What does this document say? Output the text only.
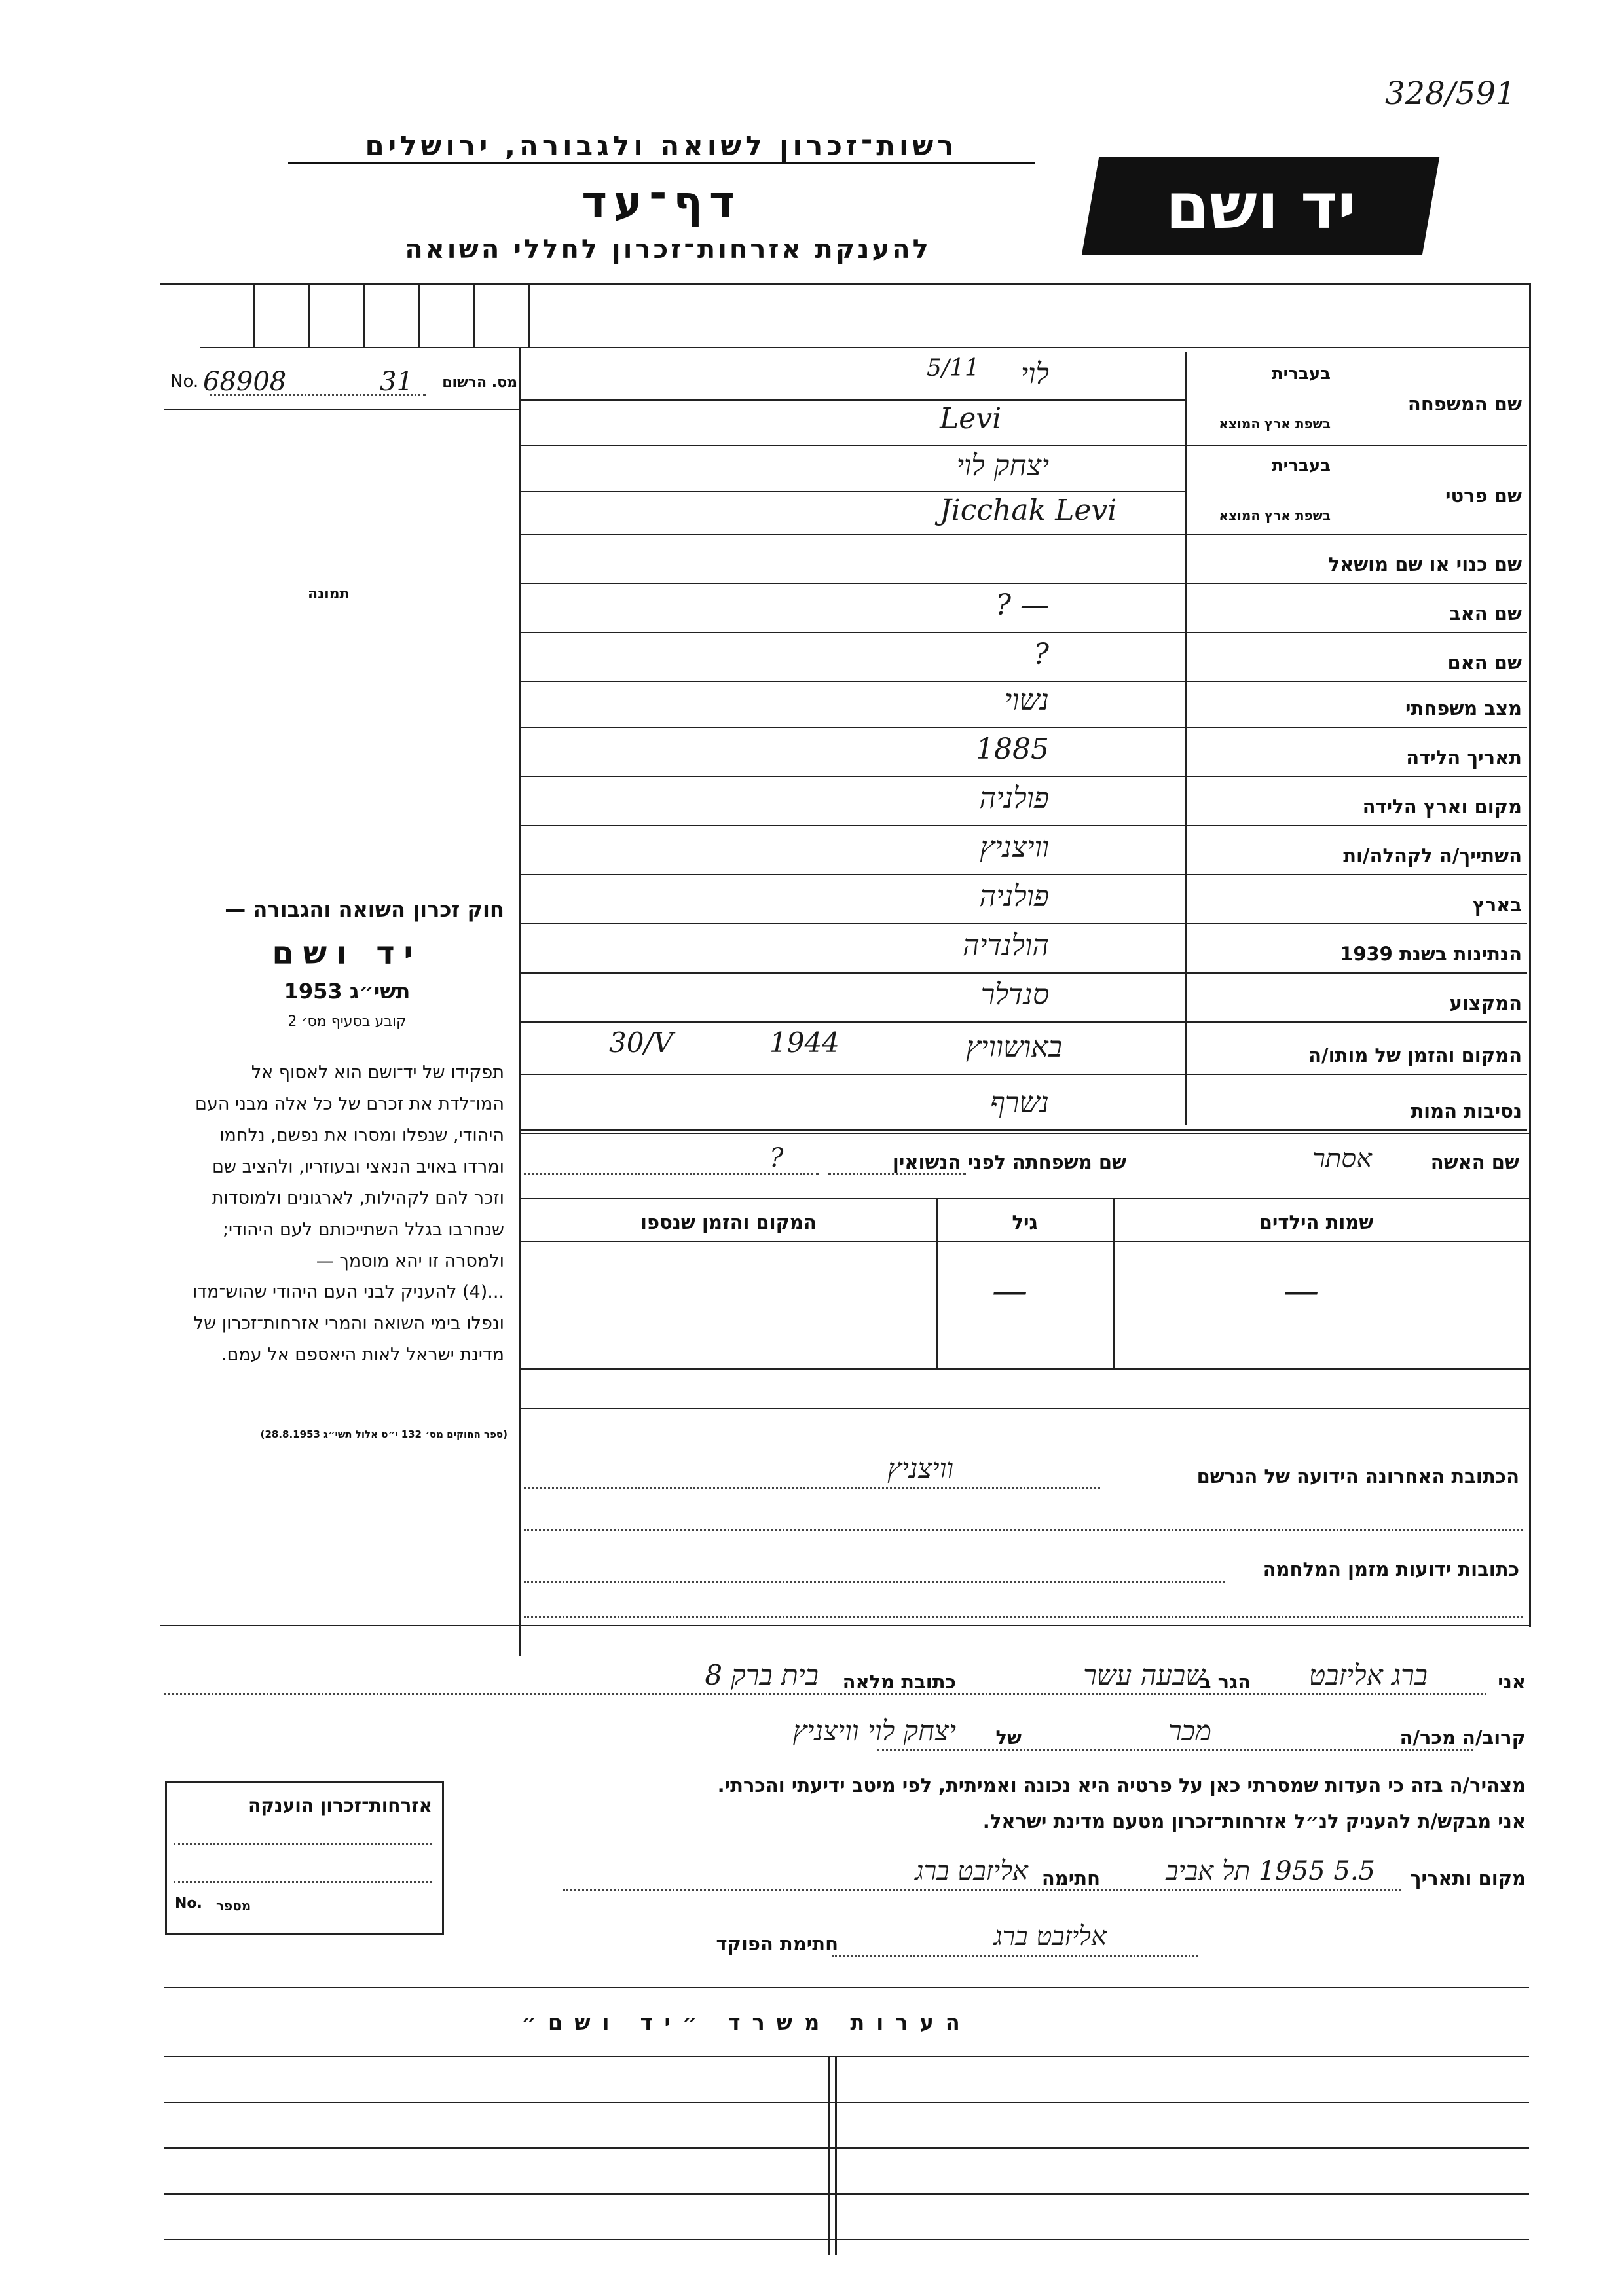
328/591
יד ושם
רשות־זכרון לשואה ולגבורה, ירושלים
דף־עד
להענקת אזרחות־זכרון לחללי השואה
No. 68908	31 מס. הרשום
תמונה
שם המשפחה
בעברית
בשפת ארץ המוצא
לוי
Levi
5/11
שם פרטי
בעברית
בשפת ארץ המוצא
יצחק לוי
Jicchak Levi
שם כנוי או שם מושאל
שם האב
— ?
שם האם
?
מצב משפחתי
נשוי
תאריך הלידה
1885
מקום וארץ הלידה
פולניה
השתייך/ה לקהלה/ות
וויצניץ
בארץ
פולניה
הנתינות בשנת 1939
הולנדיה
המקצוע
סנדלר
המקום והזמן של מותו/ה
באושוויץ
1944
30/V
נסיבות המות
נשרף
חוק זכרון השואה והגבורה —
יד ושם
תשי״ג 1953
קובע בסעיף מס׳ 2
תפקידו של יד־ושם הוא לאסוף אל המו־לדת את זכרם של כל אלה מבני העם היהודי, שנפלו ומסרו את נפשם, נלחמו ומרדו באויב הנאצי ובעוזריו, ולהציב שם וזכר להם לקהילות, לארגונים ולמוסדות שנחרבו בגלל השתייכותם לעם היהודי; ולמסרה זו יהא מוסמך —
...(4) להעניק לבני העם היהודי שהוש־מדו ונפלו בימי השואה והמרי אזרחות־זכרון של מדינת ישראל לאות היאספם אל עמם.
(ספר החוקים מס׳ 132 י״ט אלול תשי״ג 28.8.1953)
שם האשה
אסתר
שם משפחתה לפני הנשואין
?
שמות הילדים
גיל
המקום והזמן שנספו
—
—
הכתובת האחרונה הידועה של הנרשם
וויצניץ
כתובות ידועות מזמן המלחמה
אני
ברג אליזבט
הגר ב
שבעה עשר
כתובת מלאה
בית ברק 8
קרוב/ה מכר/ה
מכר
של
יצחק לוי וויצניץ
מצהיר/ה בזה כי העדות שמסרתי כאן על פרטיה היא נכונה ואמיתית, לפי מיטב ידיעתי והכרתי.
אני מבקש/ת להעניק לנ״ל אזרחות־זכרון מטעם מדינת ישראל.
מקום ותאריך
5.5 1955 תל אביב
חתימה
אליזבט ברג
חתימת הפוקד	אליזבט ברג
אזרחות־זכרון הוענקה
No. מספר
הערות משרד ״יד ושם״
